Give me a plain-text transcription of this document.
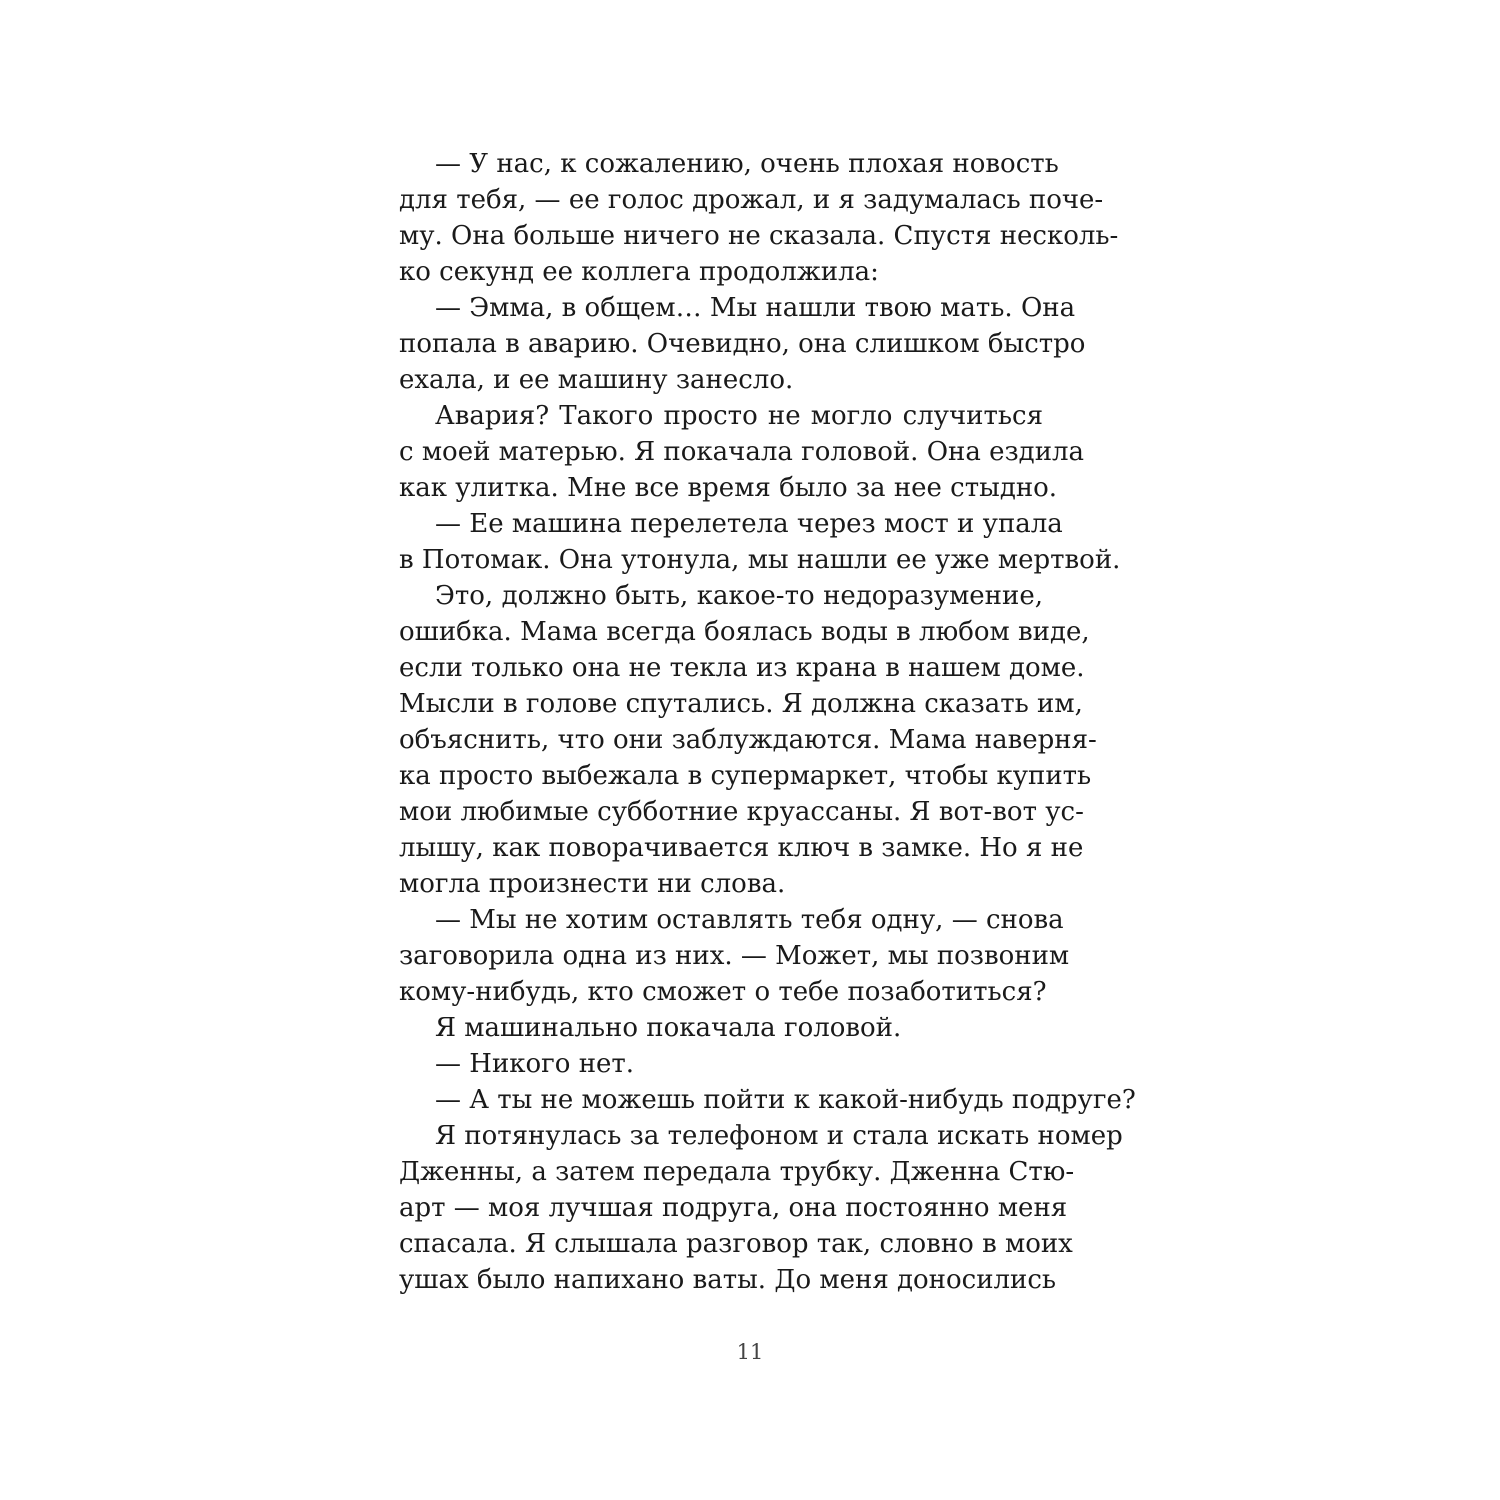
— У нас, к сожалению, очень плохая новость
для тебя, — ее голос дрожал, и я задумалась поче-
му. Она больше ничего не сказала. Спустя несколь-
ко секунд ее коллега продолжила:
— Эмма, в общем… Мы нашли твою мать. Она
попала в аварию. Очевидно, она слишком быстро
ехала, и ее машину занесло.
Авария? Такого просто не могло случиться
с моей матерью. Я покачала головой. Она ездила
как улитка. Мне все время было за нее стыдно.
— Ее машина перелетела через мост и упала
в Потомак. Она утонула, мы нашли ее уже мертвой.
Это, должно быть, какое-то недоразумение,
ошибка. Мама всегда боялась воды в любом виде,
если только она не текла из крана в нашем доме.
Мысли в голове спутались. Я должна сказать им,
объяснить, что они заблуждаются. Мама наверня-
ка просто выбежала в супермаркет, чтобы купить
мои любимые субботние круассаны. Я вот-вот ус-
лышу, как поворачивается ключ в замке. Но я не
могла произнести ни слова.
— Мы не хотим оставлять тебя одну, — снова
заговорила одна из них. — Может, мы позвоним
кому-нибудь, кто сможет о тебе позаботиться?
Я машинально покачала головой.
— Никого нет.
— А ты не можешь пойти к какой-нибудь подруге?
Я потянулась за телефоном и стала искать номер
Дженны, а затем передала трубку. Дженна Стю-
арт — моя лучшая подруга, она постоянно меня
спасала. Я слышала разговор так, словно в моих
ушах было напихано ваты. До меня доносились
11
